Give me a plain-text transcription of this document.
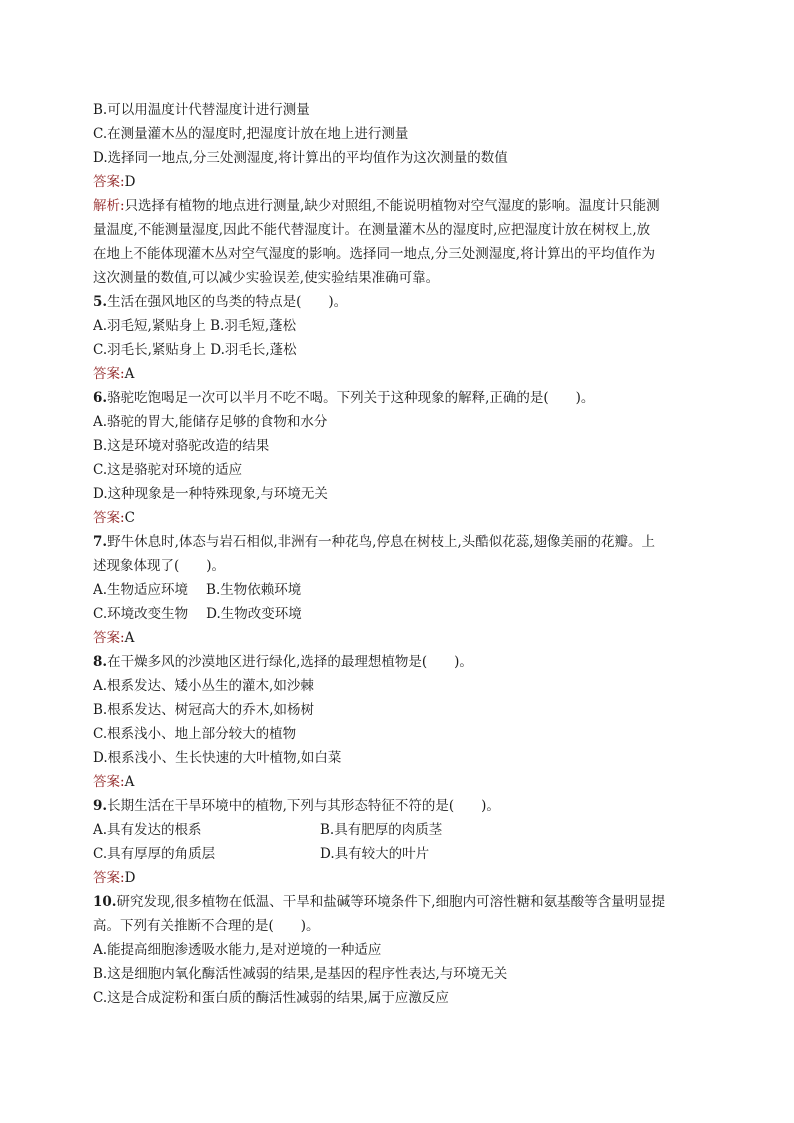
B.可以用温度计代替湿度计进行测量
C.在测量灌木丛的湿度时,把湿度计放在地上进行测量
D.选择同一地点,分三处测湿度,将计算出的平均值作为这次测量的数值
答案:D
解析:只选择有植物的地点进行测量,缺少对照组,不能说明植物对空气湿度的影响。温度计只能测
量温度,不能测量湿度,因此不能代替湿度计。在测量灌木丛的湿度时,应把湿度计放在树杈上,放
在地上不能体现灌木丛对空气湿度的影响。选择同一地点,分三处测湿度,将计算出的平均值作为
这次测量的数值,可以减少实验误差,使实验结果准确可靠。
5.生活在强风地区的鸟类的特点是(　　)。
A.羽毛短,紧贴身上 B.羽毛短,蓬松
C.羽毛长,紧贴身上 D.羽毛长,蓬松
答案:A
6.骆驼吃饱喝足一次可以半月不吃不喝。下列关于这种现象的解释,正确的是(　　)。
A.骆驼的胃大,能储存足够的食物和水分
B.这是环境对骆驼改造的结果
C.这是骆驼对环境的适应
D.这种现象是一种特殊现象,与环境无关
答案:C
7.野牛休息时,体态与岩石相似,非洲有一种花鸟,停息在树枝上,头酷似花蕊,翅像美丽的花瓣。上
述现象体现了(　　)。
A.生物适应环境 B.生物依赖环境
C.环境改变生物 D.生物改变环境
答案:A
8.在干燥多风的沙漠地区进行绿化,选择的最理想植物是(　　)。
A.根系发达、矮小丛生的灌木,如沙棘
B.根系发达、树冠高大的乔木,如杨树
C.根系浅小、地上部分较大的植物
D.根系浅小、生长快速的大叶植物,如白菜
答案:A
9.长期生活在干旱环境中的植物,下列与其形态特征不符的是(　　)。
A.具有发达的根系	B.具有肥厚的肉质茎
C.具有厚厚的角质层	D.具有较大的叶片
答案:D
10.研究发现,很多植物在低温、干旱和盐碱等环境条件下,细胞内可溶性糖和氨基酸等含量明显提
高。下列有关推断不合理的是(　　)。
A.能提高细胞渗透吸水能力,是对逆境的一种适应
B.这是细胞内氧化酶活性减弱的结果,是基因的程序性表达,与环境无关
C.这是合成淀粉和蛋白质的酶活性减弱的结果,属于应激反应
